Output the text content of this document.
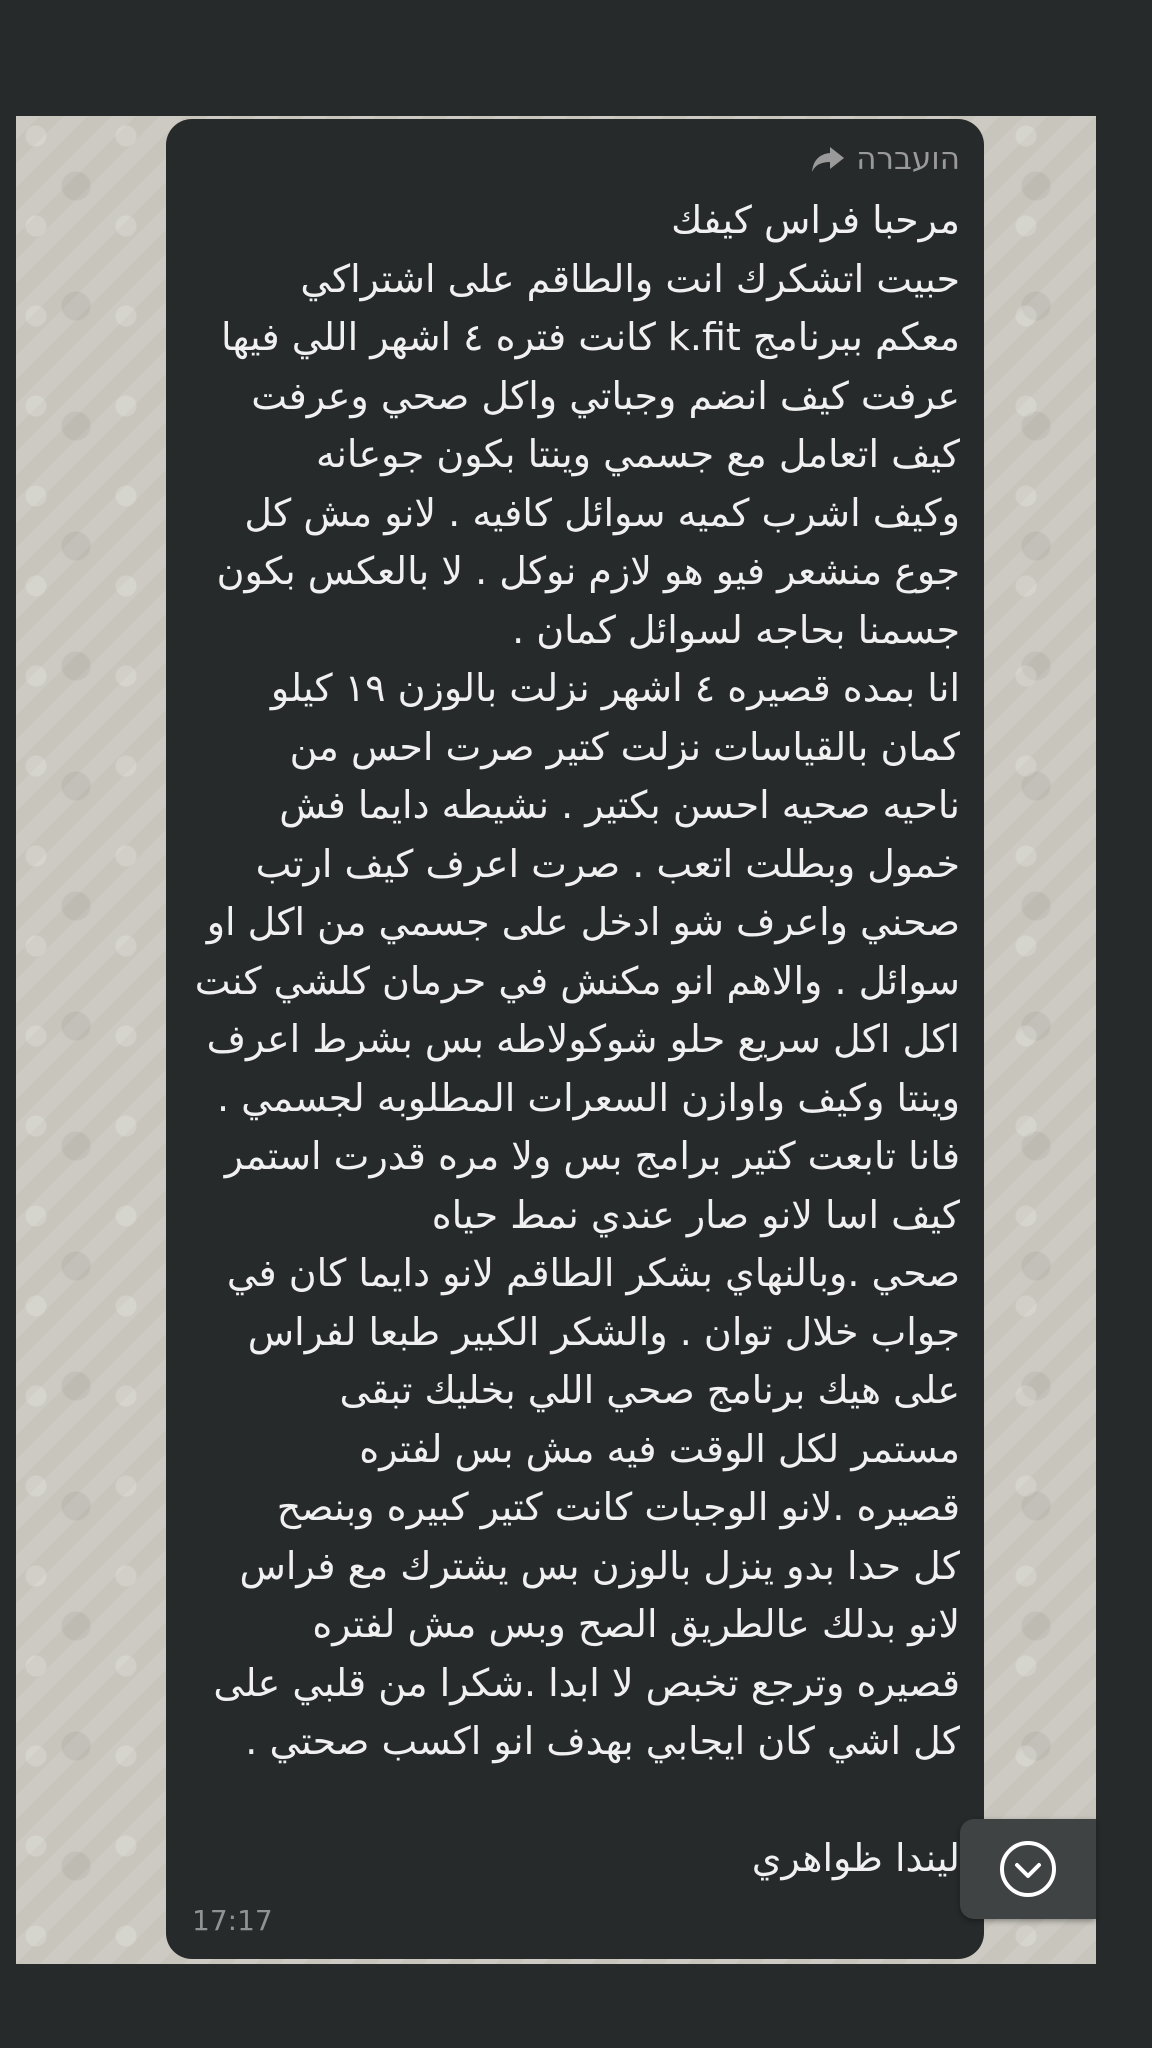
הועברה

مرحبا فراس كيفك
حبيت اتشكرك انت والطاقم على اشتراكي
معكم ببرنامج k.fit كانت فتره ٤ اشهر اللي فيها
عرفت كيف انضم وجباتي واكل صحي وعرفت
كيف اتعامل مع جسمي وينتا بكون جوعانه
وكيف اشرب كميه سوائل كافيه . لانو مش كل
جوع منشعر فيو هو لازم نوكل . لا بالعكس بكون
جسمنا بحاجه لسوائل كمان .
انا بمده قصيره ٤ اشهر نزلت بالوزن ١٩ كيلو
كمان بالقياسات نزلت كتير صرت احس من
ناحيه صحيه احسن بكتير . نشيطه دايما فش
خمول وبطلت اتعب . صرت اعرف كيف ارتب
صحني واعرف شو ادخل على جسمي من اكل او
سوائل . والاهم انو مكنش في حرمان كلشي كنت
اكل اكل سريع حلو شوكولاطه بس بشرط اعرف
وينتا وكيف واوازن السعرات المطلوبه لجسمي .
فانا تابعت كتير برامج بس ولا مره قدرت استمر
كيف اسا لانو صار عندي نمط حياه
صحي .وبالنهاي بشكر الطاقم لانو دايما كان في
جواب خلال توان . والشكر الكبير طبعا لفراس
على هيك برنامج صحي اللي بخليك تبقى
مستمر لكل الوقت فيه مش بس لفتره
قصيره .لانو الوجبات كانت كتير كبيره وبنصح
كل حدا بدو ينزل بالوزن بس يشترك مع فراس
لانو بدلك عالطريق الصح وبس مش لفتره
قصيره وترجع تخبص لا ابدا .شكرا من قلبي على
كل اشي كان ايجابي بهدف انو اكسب صحتي .

ليندا ظواهري

17:17
